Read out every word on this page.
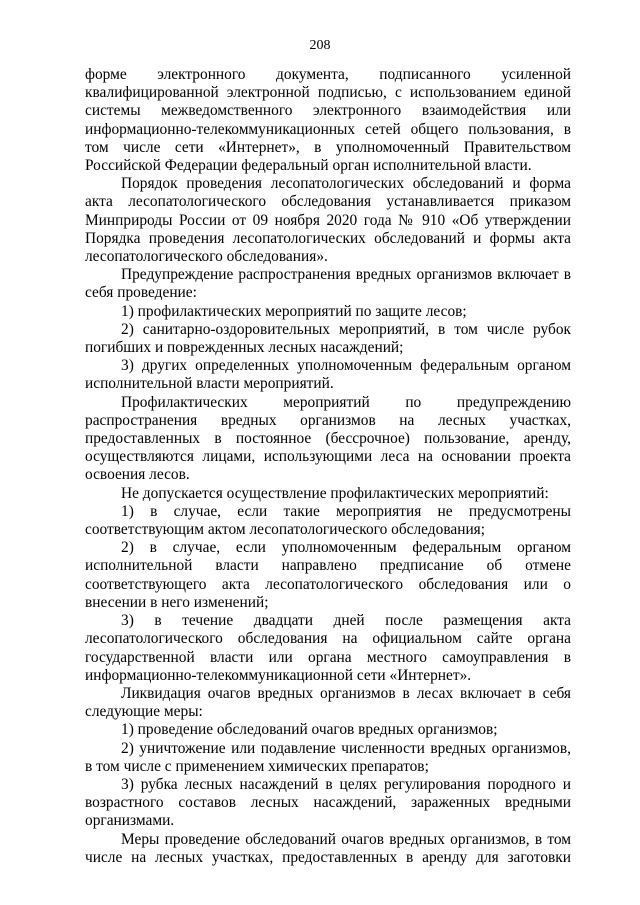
208

форме электронного документа, подписанного усиленной квалифицированной электронной подписью, с использованием единой системы межведомственного электронного взаимодействия или информационно-телекоммуникационных сетей общего пользования, в том числе сети «Интернет», в уполномоченный Правительством Российской Федерации федеральный орган исполнительной власти.

Порядок проведения лесопатологических обследований и форма акта лесопатологического обследования устанавливается приказом Минприроды России от 09 ноября 2020 года № 910 «Об утверждении Порядка проведения лесопатологических обследований и формы акта лесопатологического обследования».

Предупреждение распространения вредных организмов включает в себя проведение:

1) профилактических мероприятий по защите лесов;

2) санитарно-оздоровительных мероприятий, в том числе рубок погибших и поврежденных лесных насаждений;

3) других определенных уполномоченным федеральным органом исполнительной власти мероприятий.

Профилактических мероприятий по предупреждению распространения вредных организмов на лесных участках, предоставленных в постоянное (бессрочное) пользование, аренду, осуществляются лицами, использующими леса на основании проекта освоения лесов.

Не допускается осуществление профилактических мероприятий:

1) в случае, если такие мероприятия не предусмотрены соответствующим актом лесопатологического обследования;

2) в случае, если уполномоченным федеральным органом исполнительной власти направлено предписание об отмене соответствующего акта лесопатологического обследования или о внесении в него изменений;

3) в течение двадцати дней после размещения акта лесопатологического обследования на официальном сайте органа государственной власти или органа местного самоуправления в информационно-телекоммуникационной сети «Интернет».

Ликвидация очагов вредных организмов в лесах включает в себя следующие меры:

1) проведение обследований очагов вредных организмов;

2) уничтожение или подавление численности вредных организмов, в том числе с применением химических препаратов;

3) рубка лесных насаждений в целях регулирования породного и возрастного составов лесных насаждений, зараженных вредными организмами.

Меры проведение обследований очагов вредных организмов, в том числе на лесных участках, предоставленных в аренду для заготовки
